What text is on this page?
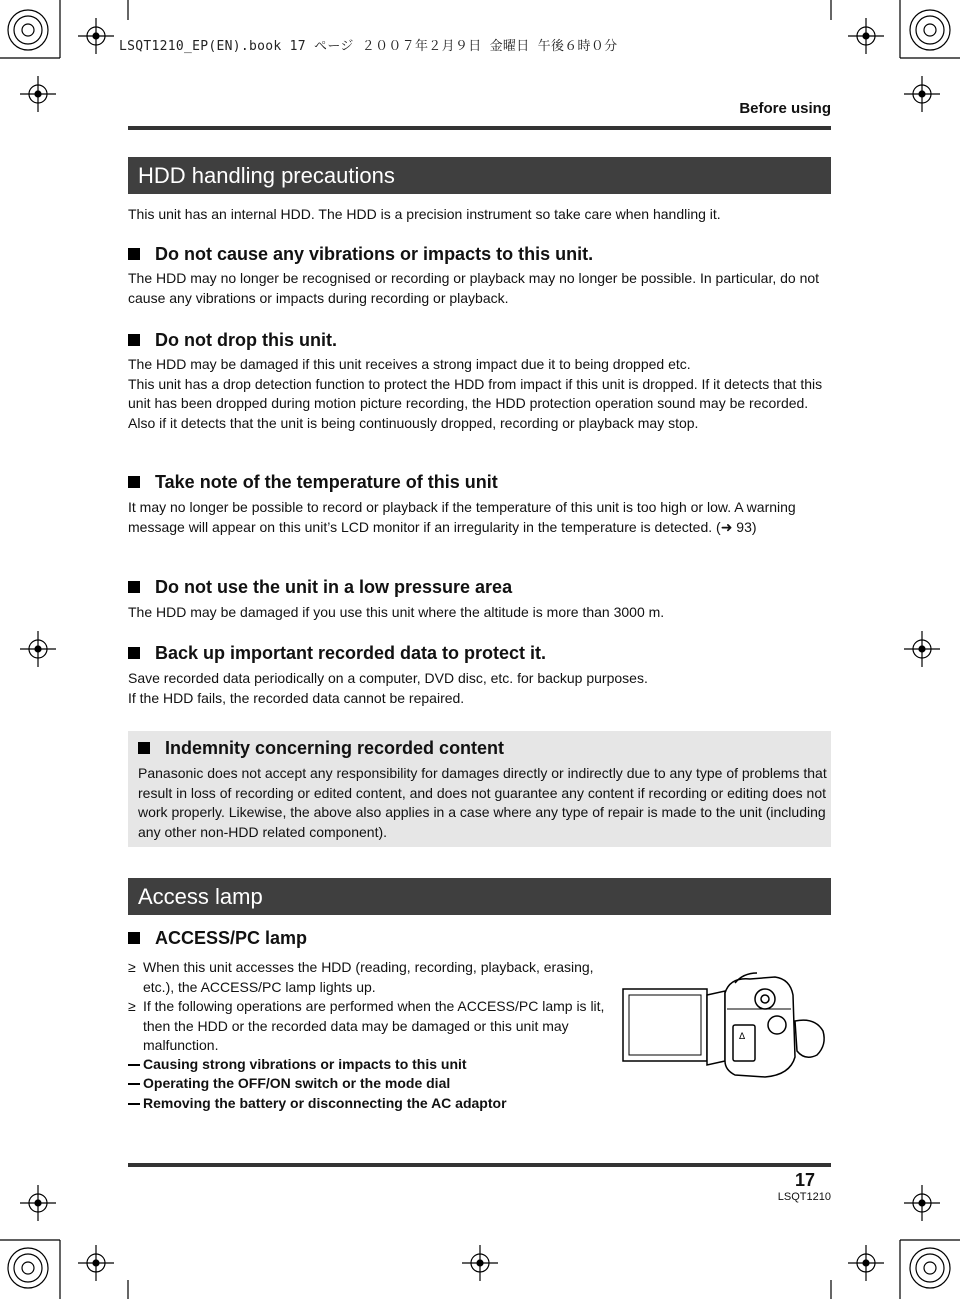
LSQT1210_EP(EN).book 17 ページ ２００７年２月９日 金曜日 午後６時０分
Before using
HDD handling precautions
This unit has an internal HDD. The HDD is a precision instrument so take care when handling it.
Do not cause any vibrations or impacts to this unit.
The HDD may no longer be recognised or recording or playback may no longer be possible. In particular, do not cause any vibrations or impacts during recording or playback.
Do not drop this unit.
The HDD may be damaged if this unit receives a strong impact due it to being dropped etc.
This unit has a drop detection function to protect the HDD from impact if this unit is dropped. If it detects that this unit has been dropped during motion picture recording, the HDD protection operation sound may be recorded. Also if it detects that the unit is being continuously dropped, recording or playback may stop.
Take note of the temperature of this unit
It may no longer be possible to record or playback if the temperature of this unit is too high or low. A warning message will appear on this unit’s LCD monitor if an irregularity in the temperature is detected. (➜ 93)
Do not use the unit in a low pressure area
The HDD may be damaged if you use this unit where the altitude is more than 3000 m.
Back up important recorded data to protect it.
Save recorded data periodically on a computer, DVD disc, etc. for backup purposes.
If the HDD fails, the recorded data cannot be repaired.
Indemnity concerning recorded content
Panasonic does not accept any responsibility for damages directly or indirectly due to any type of problems that result in loss of recording or edited content, and does not guarantee any content if recording or editing does not work properly. Likewise, the above also applies in a case where any type of repair is made to the unit (including any other non-HDD related component).
Access lamp
ACCESS/PC lamp
≥ When this unit accesses the HDD (reading, recording, playback, erasing, etc.), the ACCESS/PC lamp lights up.
≥ If the following operations are performed when the ACCESS/PC lamp is lit, then the HDD or the recorded data may be damaged or this unit may malfunction.
Causing strong vibrations or impacts to this unit
Operating the OFF/ON switch or the mode dial
Removing the battery or disconnecting the AC adaptor
Δ
17
LSQT1210
